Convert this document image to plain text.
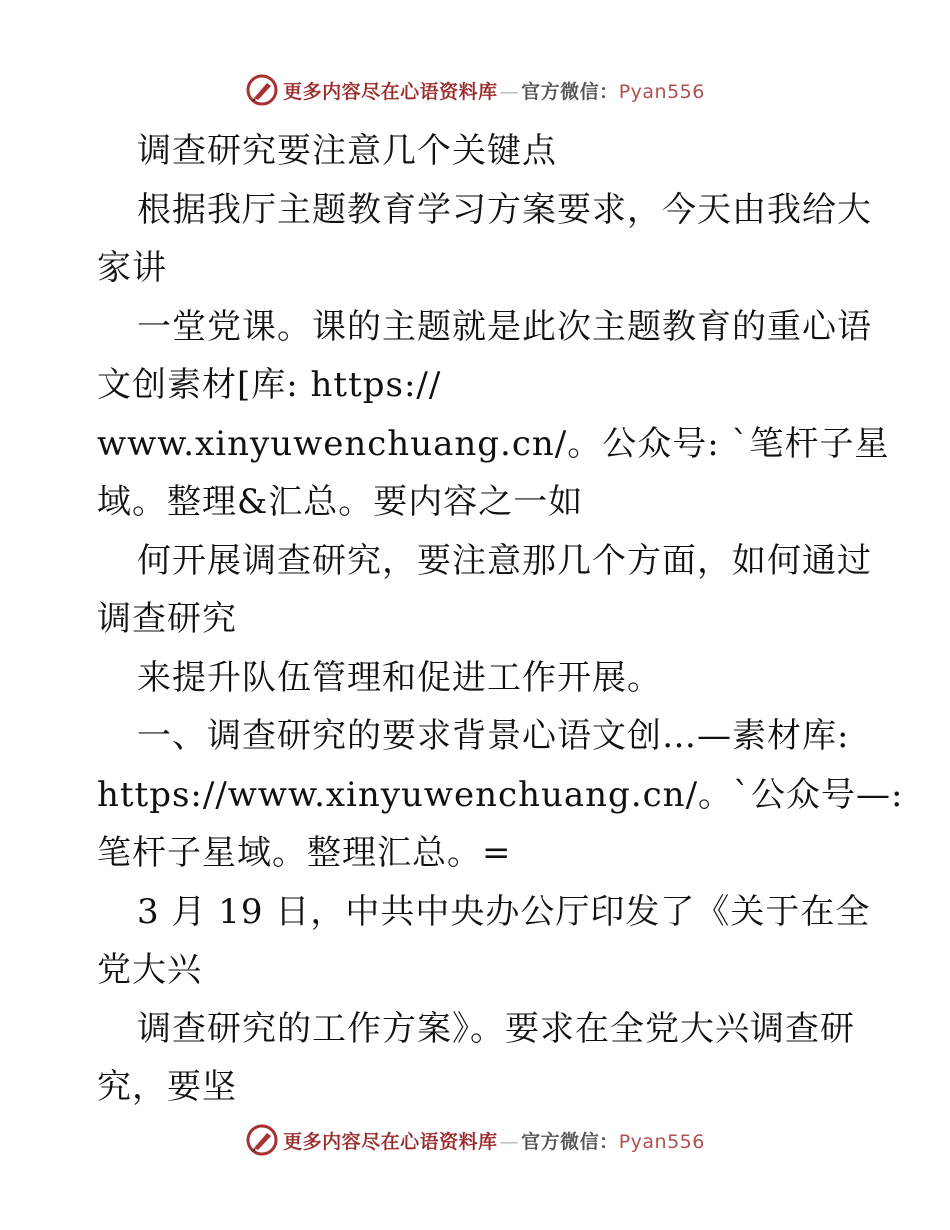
更多内容尽在心语资料库 — 官方微信：Pyan556
调查研究要注意几个关键点
根据我厅主题教育学习方案要求，今天由我给大
家讲
一堂党课。课的主题就是此次主题教育的重心语
文创素材[库: https://
www.xinyuwenchuang.cn/。公众号: `笔杆子星
域。整理&汇总。要内容之一如
何开展调查研究，要注意那几个方面，如何通过
调查研究
来提升队伍管理和促进工作开展。
一、调查研究的要求背景心语文创…—素材库:
https://www.xinyuwenchuang.cn/。`公众号—:
笔杆子星域。整理汇总。=
3 月 19 日，中共中央办公厅印发了《关于在全
党大兴
调查研究的工作方案》。要求在全党大兴调查研
究，要坚
更多内容尽在心语资料库 — 官方微信：Pyan556
